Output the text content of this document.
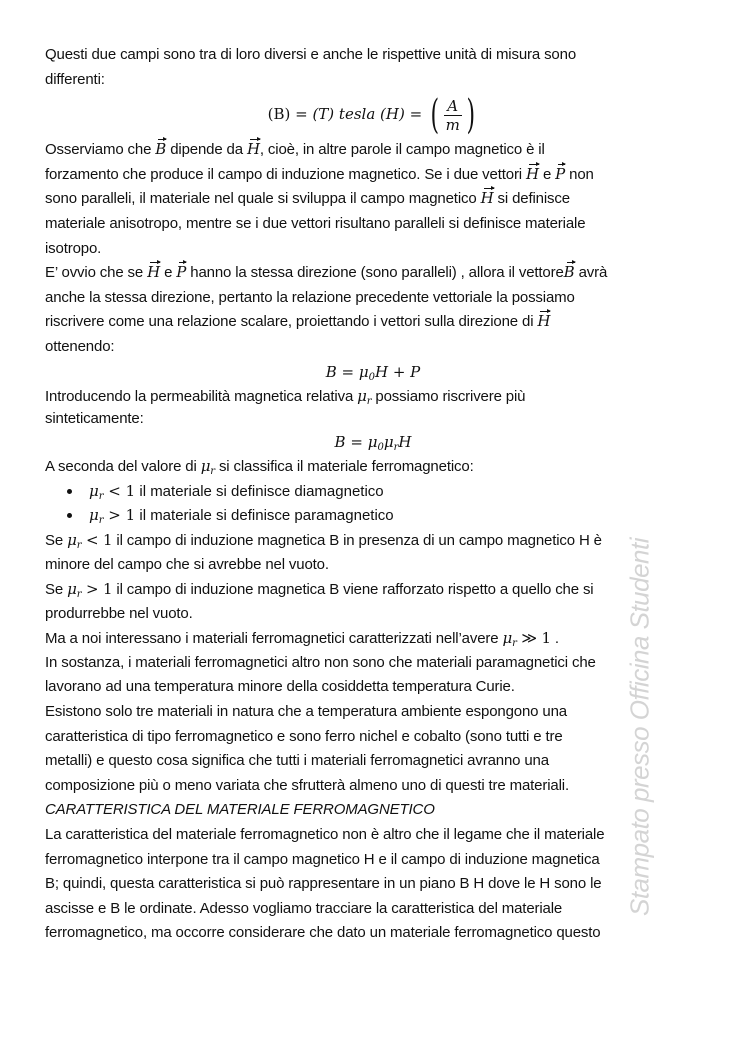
Questi due campi sono tra di loro diversi e anche le rispettive unità di misura sono
differenti:
(B) = (T) tesla (H) = ( $\frac{A}{m}$ )
Osserviamo che B dipende da H, cioè, in altre parole il campo magnetico è il
forzamento che produce il campo di induzione magnetico. Se i due vettori H e P non
sono paralleli, il materiale nel quale si sviluppa il campo magnetico H si definisce
materiale anisotropo, mentre se i due vettori risultano paralleli si definisce materiale
isotropo.
E’ ovvio che se H e P hanno la stessa direzione (sono paralleli) , allora il vettoreB avrà
anche la stessa direzione, pertanto la relazione precedente vettoriale la possiamo
riscrivere come una relazione scalare, proiettando i vettori sulla direzione di H
ottenendo:
$B = \mu_0H + P$
Introducendo la permeabilità magnetica relativa $\mu_r$ possiamo riscrivere più
sinteticamente:
$B = \mu_0\mu_rH$
A seconda del valore di $\mu_r$ si classifica il materiale ferromagnetico:
$\mu_r < 1$ il materiale si definisce diamagnetico
$\mu_r > 1$ il materiale si definisce paramagnetico
Se $\mu_r < 1$ il campo di induzione magnetica B in presenza di un campo magnetico H è
minore del campo che si avrebbe nel vuoto.
Se $\mu_r > 1$ il campo di induzione magnetica B viene rafforzato rispetto a quello che si
produrrebbe nel vuoto.
Ma a noi interessano i materiali ferromagnetici caratterizzati nell’avere $\mu_r$ ≫ 1 .
In sostanza, i materiali ferromagnetici altro non sono che materiali paramagnetici che
lavorano ad una temperatura minore della cosiddetta temperatura Curie.
Esistono solo tre materiali in natura che a temperatura ambiente espongono una
caratteristica di tipo ferromagnetico e sono ferro nichel e cobalto (sono tutti e tre
metalli) e questo cosa significa che tutti i materiali ferromagnetici avranno una
composizione più o meno variata che sfrutterà almeno uno di questi tre materiali.
CARATTERISTICA DEL MATERIALE FERROMAGNETICO
La caratteristica del materiale ferromagnetico non è altro che il legame che il materiale
ferromagnetico interpone tra il campo magnetico H e il campo di induzione magnetica
B; quindi, questa caratteristica si può rappresentare in un piano B H dove le H sono le
ascisse e B le ordinate. Adesso vogliamo tracciare la caratteristica del materiale
ferromagnetico, ma occorre considerare che dato un materiale ferromagnetico questo
Stampato presso Officina Studenti
